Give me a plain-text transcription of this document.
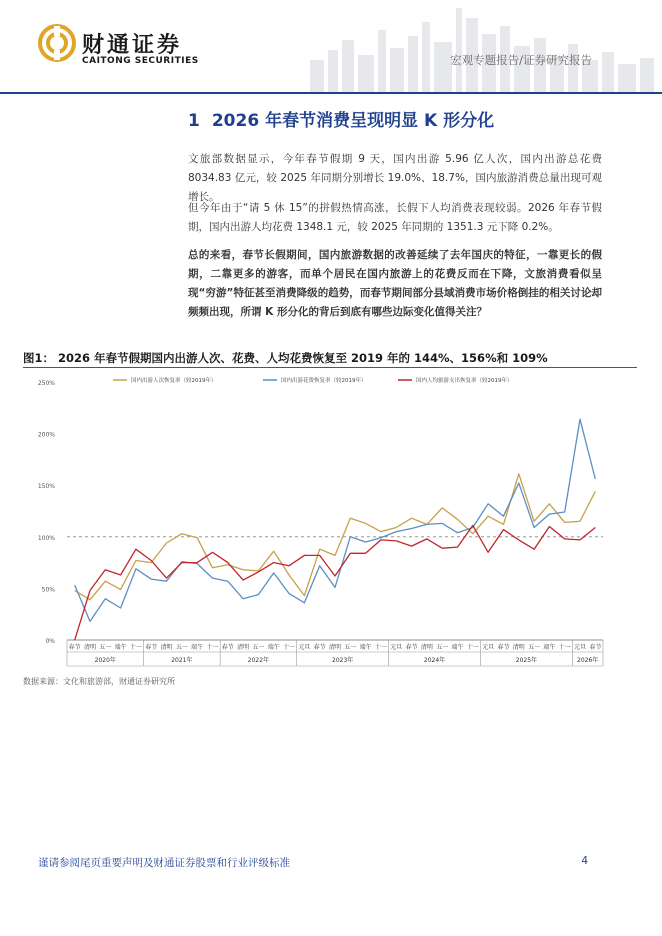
财通证券
CAITONG SECURITIES	宏观专题报告/证券研究报告
1 2026 年春节消费呈现明显 K 形分化
文旅部数据显示，今年春节假期 9 天，国内出游 5.96 亿人次，国内出游总花费 8034.83 亿元，较 2025 年同期分别增长 19.0%、18.7%，国内旅游消费总量出现可观增长。
但今年由于“请 5 休 15”的拼假热情高涨，长假下人均消费表现较弱。2026 年春节假期，国内出游人均花费 1348.1 元，较 2025 年同期的 1351.3 元下降 0.2%。
总的来看，春节长假期间，国内旅游数据的改善延续了去年国庆的特征，一靠更长的假期，二靠更多的游客，而单个居民在国内旅游上的花费反而在下降，文旅消费看似呈现“穷游”特征甚至消费降级的趋势，而春节期间部分县域消费市场价格倒挂的相关讨论却频频出现，所谓 K 形分化的背后到底有哪些边际变化值得关注？
图1： 2026 年春节假期国内出游人次、花费、人均花费恢复至 2019 年的 144%、156%和 109%
0%
50%
100%
150%
200%
250%
春节 清明 五一 端午 十一 春节 清明 五一 端午 十一 春节 清明 五一 端午 十一 元旦 春节 清明 五一 端午 十一 元旦 春节 清明 五一 端午 十一 元旦 春节 清明 五一 端午 十一 元旦 春节
2020年	2021年	2022年	2023年	2024年	2025年	2026年
国内出游人次恢复率（较2019年）	国内出游花费恢复率（较2019年）	国内人均旅游支出恢复率（较2019年）
数据来源：文化和旅游部，财通证券研究所
谨请参阅尾页重要声明及财通证券股票和行业评级标准	4
